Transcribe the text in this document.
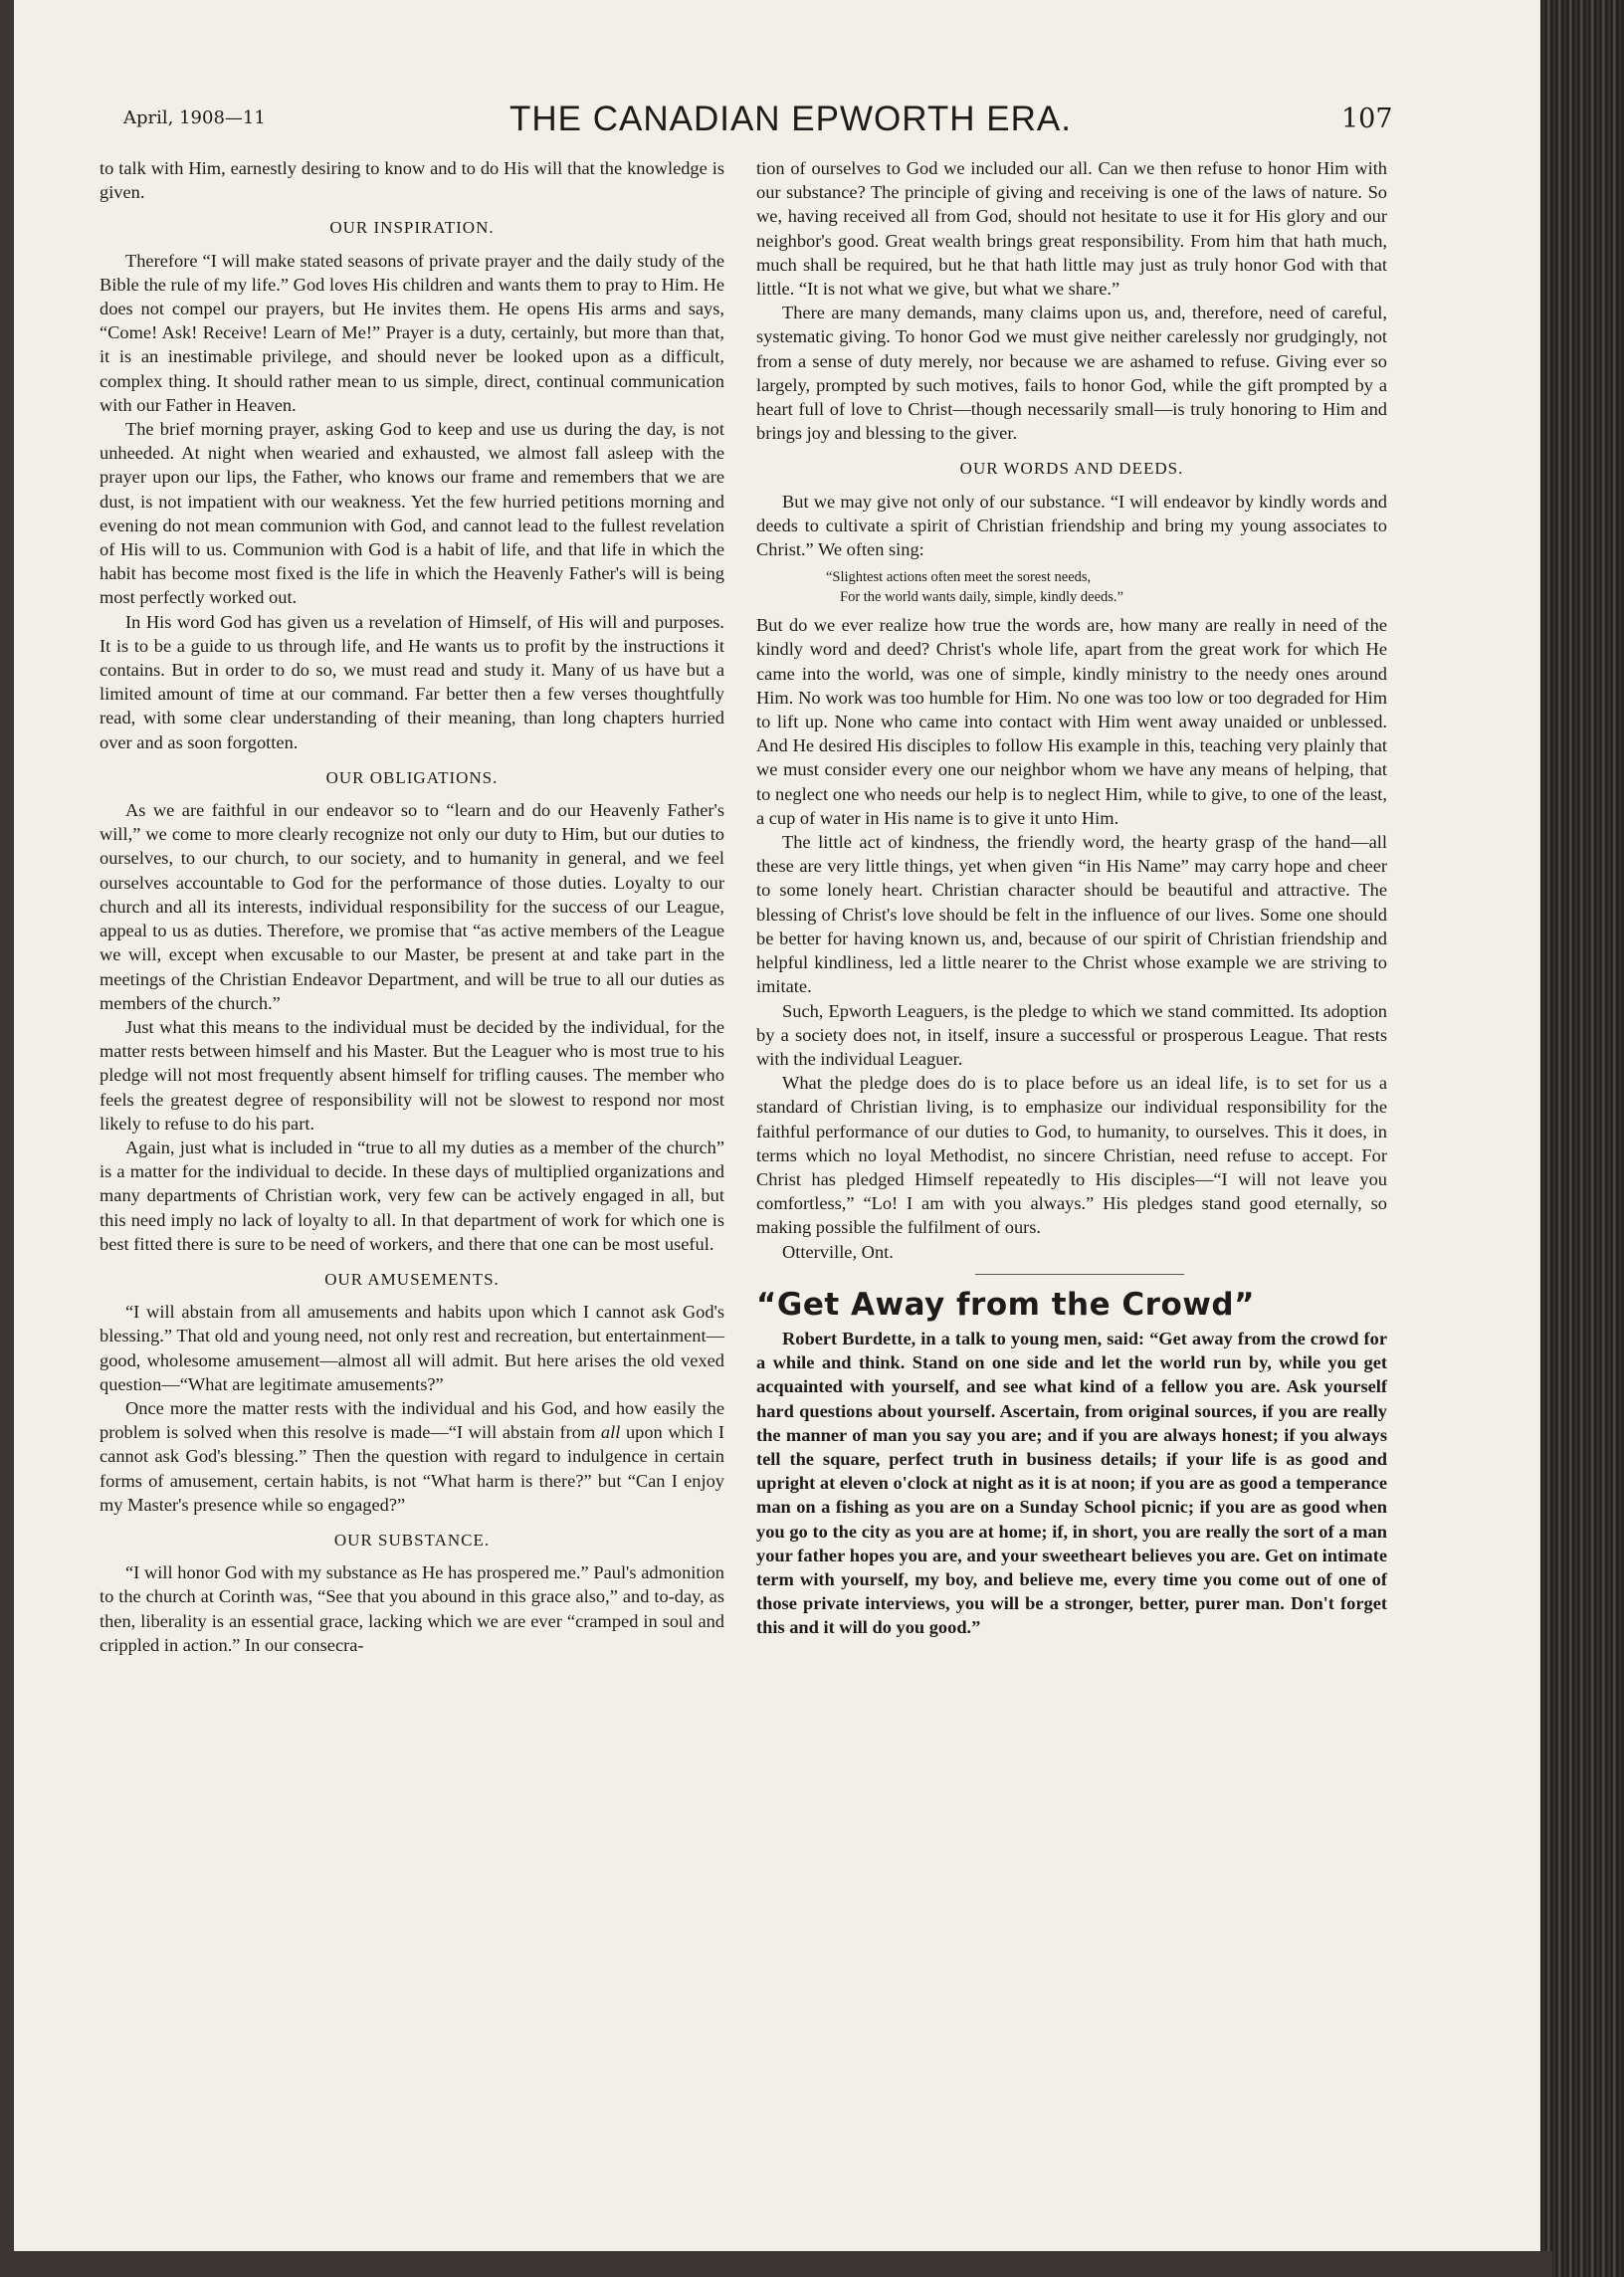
April, 1908—11	THE CANADIAN EPWORTH ERA.	107

to talk with Him, earnestly desiring to know and to do His will that the knowledge is given.

OUR INSPIRATION.

Therefore “I will make stated seasons of private prayer and the daily study of the Bible the rule of my life.” God loves His children and wants them to pray to Him. He does not compel our prayers, but He invites them. He opens His arms and says, “Come! Ask! Receive! Learn of Me!” Prayer is a duty, certainly, but more than that, it is an inestimable privilege, and should never be looked upon as a difficult, complex thing. It should rather mean to us simple, direct, continual communication with our Father in Heaven.

The brief morning prayer, asking God to keep and use us during the day, is not unheeded. At night when wearied and exhausted, we almost fall asleep with the prayer upon our lips, the Father, who knows our frame and remembers that we are dust, is not impatient with our weakness. Yet the few hurried petitions morning and evening do not mean communion with God, and cannot lead to the fullest revelation of His will to us. Communion with God is a habit of life, and that life in which the habit has become most fixed is the life in which the Heavenly Father's will is being most perfectly worked out.

In His word God has given us a revelation of Himself, of His will and purposes. It is to be a guide to us through life, and He wants us to profit by the instructions it contains. But in order to do so, we must read and study it. Many of us have but a limited amount of time at our command. Far better then a few verses thoughtfully read, with some clear understanding of their meaning, than long chapters hurried over and as soon forgotten.

OUR OBLIGATIONS.

As we are faithful in our endeavor so to “learn and do our Heavenly Father's will,” we come to more clearly recognize not only our duty to Him, but our duties to ourselves, to our church, to our society, and to humanity in general, and we feel ourselves accountable to God for the performance of those duties. Loyalty to our church and all its interests, individual responsibility for the success of our League, appeal to us as duties. Therefore, we promise that “as active members of the League we will, except when excusable to our Master, be present at and take part in the meetings of the Christian Endeavor Department, and will be true to all our duties as members of the church.”

Just what this means to the individual must be decided by the individual, for the matter rests between himself and his Master. But the Leaguer who is most true to his pledge will not most frequently absent himself for trifling causes. The member who feels the greatest degree of responsibility will not be slowest to respond nor most likely to refuse to do his part.

Again, just what is included in “true to all my duties as a member of the church” is a matter for the individual to decide. In these days of multiplied organizations and many departments of Christian work, very few can be actively engaged in all, but this need imply no lack of loyalty to all. In that department of work for which one is best fitted there is sure to be need of workers, and there that one can be most useful.

OUR AMUSEMENTS.

“I will abstain from all amusements and habits upon which I cannot ask God's blessing.” That old and young need, not only rest and recreation, but entertainment—good, wholesome amusement—almost all will admit. But here arises the old vexed question—“What are legitimate amusements?”

Once more the matter rests with the individual and his God, and how easily the problem is solved when this resolve is made—“I will abstain from all upon which I cannot ask God's blessing.” Then the question with regard to indulgence in certain forms of amusement, certain habits, is not “What harm is there?” but “Can I enjoy my Master's presence while so engaged?”

OUR SUBSTANCE.

“I will honor God with my substance as He has prospered me.” Paul's admonition to the church at Corinth was, “See that you abound in this grace also,” and to-day, as then, liberality is an essential grace, lacking which we are ever “cramped in soul and crippled in action.” In our consecra-

tion of ourselves to God we included our all. Can we then refuse to honor Him with our substance? The principle of giving and receiving is one of the laws of nature. So we, having received all from God, should not hesitate to use it for His glory and our neighbor's good. Great wealth brings great responsibility. From him that hath much, much shall be required, but he that hath little may just as truly honor God with that little. “It is not what we give, but what we share.”

There are many demands, many claims upon us, and, therefore, need of careful, systematic giving. To honor God we must give neither carelessly nor grudgingly, not from a sense of duty merely, nor because we are ashamed to refuse. Giving ever so largely, prompted by such motives, fails to honor God, while the gift prompted by a heart full of love to Christ—though necessarily small—is truly honoring to Him and brings joy and blessing to the giver.

OUR WORDS AND DEEDS.

But we may give not only of our substance. “I will endeavor by kindly words and deeds to cultivate a spirit of Christian friendship and bring my young associates to Christ.” We often sing:

“Slightest actions often meet the sorest needs,
For the world wants daily, simple, kindly deeds.”

But do we ever realize how true the words are, how many are really in need of the kindly word and deed? Christ's whole life, apart from the great work for which He came into the world, was one of simple, kindly ministry to the needy ones around Him. No work was too humble for Him. No one was too low or too degraded for Him to lift up. None who came into contact with Him went away unaided or unblessed. And He desired His disciples to follow His example in this, teaching very plainly that we must consider every one our neighbor whom we have any means of helping, that to neglect one who needs our help is to neglect Him, while to give, to one of the least, a cup of water in His name is to give it unto Him.

The little act of kindness, the friendly word, the hearty grasp of the hand—all these are very little things, yet when given “in His Name” may carry hope and cheer to some lonely heart. Christian character should be beautiful and attractive. The blessing of Christ's love should be felt in the influence of our lives. Some one should be better for having known us, and, because of our spirit of Christian friendship and helpful kindliness, led a little nearer to the Christ whose example we are striving to imitate.

Such, Epworth Leaguers, is the pledge to which we stand committed. Its adoption by a society does not, in itself, insure a successful or prosperous League. That rests with the individual Leaguer.

What the pledge does do is to place before us an ideal life, is to set for us a standard of Christian living, is to emphasize our individual responsibility for the faithful performance of our duties to God, to humanity, to ourselves. This it does, in terms which no loyal Methodist, no sincere Christian, need refuse to accept. For Christ has pledged Himself repeatedly to His disciples—“I will not leave you comfortless,” “Lo! I am with you always.” His pledges stand good eternally, so making possible the fulfilment of ours.

Otterville, Ont.

“Get Away from the Crowd”

Robert Burdette, in a talk to young men, said: “Get away from the crowd for a while and think. Stand on one side and let the world run by, while you get acquainted with yourself, and see what kind of a fellow you are. Ask yourself hard questions about yourself. Ascertain, from original sources, if you are really the manner of man you say you are; and if you are always honest; if you always tell the square, perfect truth in business details; if your life is as good and upright at eleven o'clock at night as it is at noon; if you are as good a temperance man on a fishing as you are on a Sunday School picnic; if you are as good when you go to the city as you are at home; if, in short, you are really the sort of a man your father hopes you are, and your sweetheart believes you are. Get on intimate term with yourself, my boy, and believe me, every time you come out of one of those private interviews, you will be a stronger, better, purer man. Don't forget this and it will do you good.”
